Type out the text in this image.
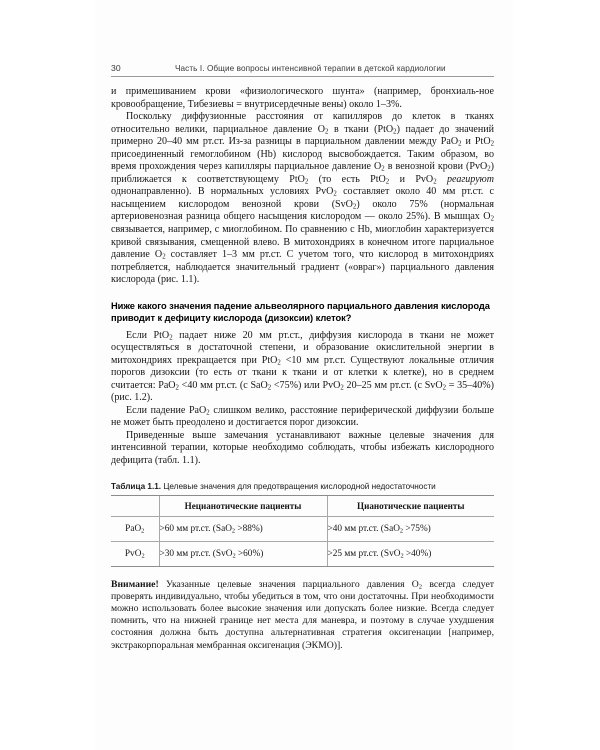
30	Часть I. Общие вопросы интенсивной терапии в детской кардиологии

и примешиванием крови «физиологического шунта» (например, бронхиаль-ное кровообращение, Тибезиевы = внутрисердечные вены) около 1–3%.

Поскольку диффузионные расстояния от капилляров до клеток в тканях относительно велики, парциальное давление $O_2$ в ткани (PtO$_2$) падает до значений примерно 20–40 мм рт.ст. Из-за разницы в парциальном давлении между PaO$_2$ и PtO$_2$ присоединенный гемоглобином (Hb) кислород высвобождается. Таким образом, во время прохождения через капилляры парциальное давление $O_2$ в венозной крови (PvO$_2$) приближается к соответствующему PtO$_2$ (то есть PtO$_2$ и PvO$_2$ реагируют однонаправленно). В нормальных условиях PvO$_2$ составляет около 40 мм рт.ст. с насыщением кислородом венозной крови (SvO$_2$) около 75% (нормальная артериовенозная разница общего насыщения кислородом — около 25%). В мышцах $O_2$ связывается, например, с миоглобином. По сравнению с Hb, миоглобин характеризуется кривой связывания, смещенной влево. В митохондриях в конечном итоге парциальное давление $O_2$ составляет 1–3 мм рт.ст. С учетом того, что кислород в митохондриях потребляется, наблюдается значительный градиент («овраг») парциального давления кислорода (рис. 1.1).

Ниже какого значения падение альвеолярного парциального давления кислорода приводит к дефициту кислорода (дизоксии) клеток?

Если PtO$_2$ падает ниже 20 мм рт.ст., диффузия кислорода в ткани не может осуществляться в достаточной степени, и образование окислительной энергии в митохондриях прекращается при PtO$_2$ <10 мм рт.ст. Существуют локальные отличия порогов дизоксии (то есть от ткани к ткани и от клетки к клетке), но в среднем считается: PaO$_2$ <40 мм рт.ст. (с SaO$_2$ <75%) или PvO$_2$ 20–25 мм рт.ст. (с SvO$_2$ = 35–40%) (рис. 1.2).

Если падение PaO$_2$ слишком велико, расстояние периферической диффузии больше не может быть преодолено и достигается порог дизоксии.

Приведенные выше замечания устанавливают важные целевые значения для интенсивной терапии, которые необходимо соблюдать, чтобы избежать кислородного дефицита (табл. 1.1).

Таблица 1.1. Целевые значения для предотвращения кислородной недостаточности
	Нецианотические пациенты	Цианотические пациенты
PaO$_2$	>60 мм рт.ст. (SaO$_2$ >88%)	>40 мм рт.ст. (SaO$_2$ >75%)
PvO$_2$	>30 мм рт.ст. (SvO$_2$ >60%)	>25 мм рт.ст. (SvO$_2$ >40%)

Внимание! Указанные целевые значения парциального давления $O_2$ всегда следует проверять индивидуально, чтобы убедиться в том, что они достаточны. При необходимости можно использовать более высокие значения или допускать более низкие. Всегда следует помнить, что на нижней границе нет места для маневра, и поэтому в случае ухудшения состояния должна быть доступна альтернативная стратегия оксигенации [например, экстракорпоральная мембранная оксигенация (ЭКМО)].
